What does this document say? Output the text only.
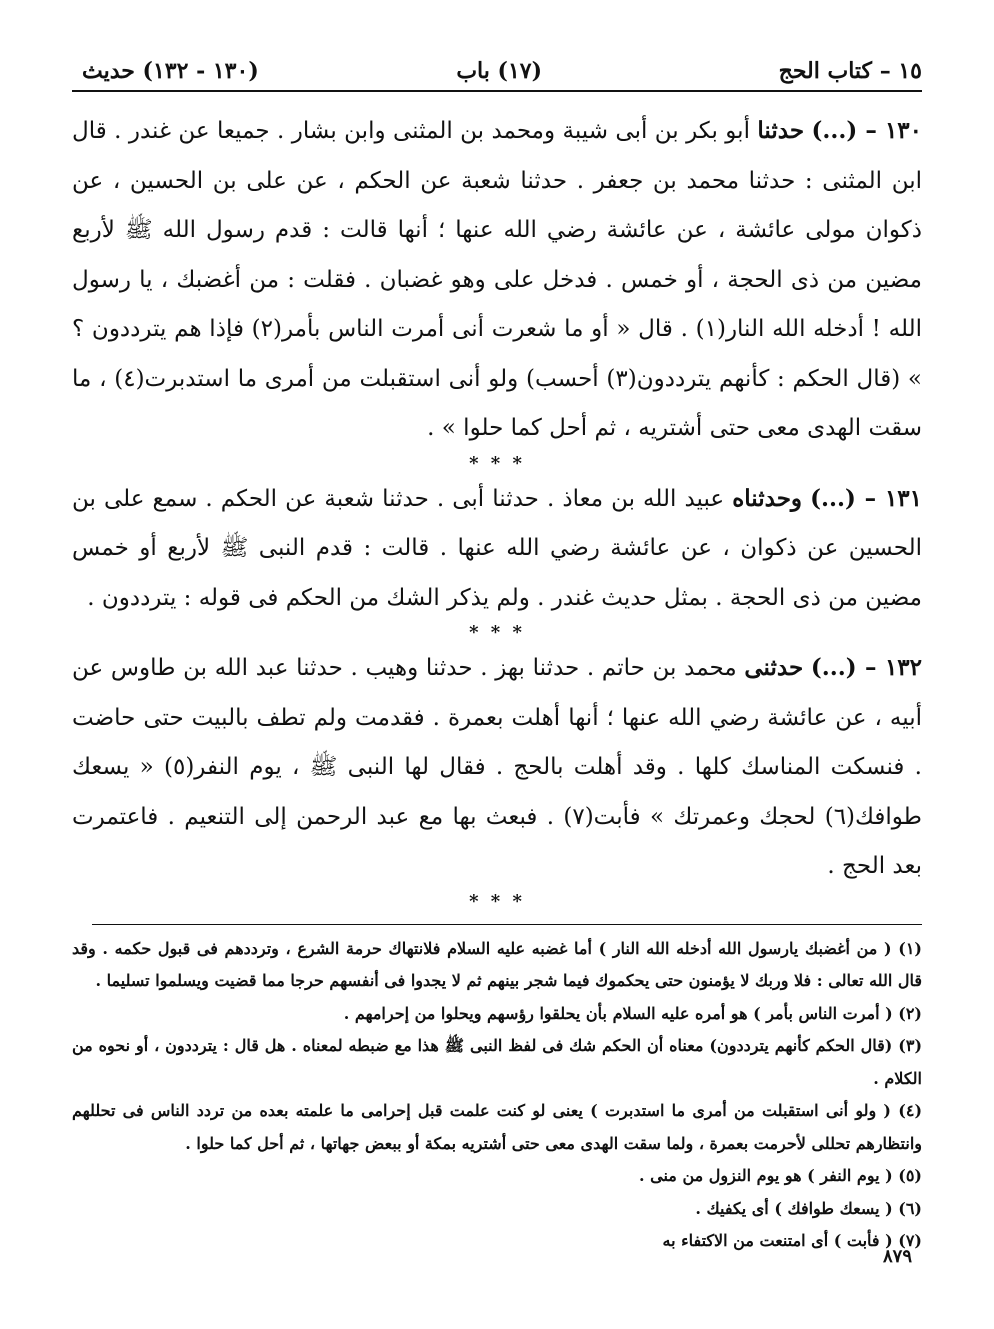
١٥ – كتاب الحج
(١٧) باب
(١٣٠ - ١٣٢) حديث

١٣٠ – (...) حدثنا أبو بكر بن أبى شيبة ومحمد بن المثنى وابن بشار . جميعا عن غندر . قال ابن المثنى : حدثنا محمد بن جعفر . حدثنا شعبة عن الحكم ، عن على بن الحسين ، عن ذكوان مولى عائشة ، عن عائشة رضي الله عنها ؛ أنها قالت : قدم رسول الله ﷺ لأربع مضين من ذى الحجة ، أو خمس . فدخل على وهو غضبان . فقلت : من أغضبك ، يا رسول الله ! أدخله الله النار(١) . قال « أو ما شعرت أنى أمرت الناس بأمر(٢) فإذا هم يترددون ؟ » (قال الحكم : كأنهم يترددون(٣) أحسب) ولو أنى استقبلت من أمرى ما استدبرت(٤) ، ما سقت الهدى معى حتى أشتريه ، ثم أحل كما حلوا » .

* * *

١٣١ – (...) وحدثناه عبيد الله بن معاذ . حدثنا أبى . حدثنا شعبة عن الحكم . سمع على بن الحسين عن ذكوان ، عن عائشة رضي الله عنها . قالت : قدم النبى ﷺ لأربع أو خمس مضين من ذى الحجة . بمثل حديث غندر . ولم يذكر الشك من الحكم فى قوله : يترددون .

* * *

١٣٢ – (...) حدثنى محمد بن حاتم . حدثنا بهز . حدثنا وهيب . حدثنا عبد الله بن طاوس عن أبيه ، عن عائشة رضي الله عنها ؛ أنها أهلت بعمرة . فقدمت ولم تطف بالبيت حتى حاضت . فنسكت المناسك كلها . وقد أهلت بالحج . فقال لها النبى ﷺ ، يوم النفر(٥) « يسعك طوافك(٦) لحجك وعمرتك » فأبت(٧) . فبعث بها مع عبد الرحمن إلى التنعيم . فاعتمرت بعد الحج .

* * *

(١) ( من أغضبك يارسول الله أدخله الله النار ) أما غضبه عليه السلام فلانتهاك حرمة الشرع ، وترددهم فى قبول حكمه . وقد قال الله تعالى : فلا وربك لا يؤمنون حتى يحكموك فيما شجر بينهم ثم لا يجدوا فى أنفسهم حرجا مما قضيت ويسلموا تسليما .

(٢) ( أمرت الناس بأمر ) هو أمره عليه السلام بأن يحلقوا رؤسهم ويحلوا من إحرامهم .

(٣) (قال الحكم كأنهم يترددون) معناه أن الحكم شك فى لفظ النبى ﷺ هذا مع ضبطه لمعناه . هل قال : يترددون ، أو نحوه من الكلام .

(٤) ( ولو أنى استقبلت من أمرى ما استدبرت ) يعنى لو كنت علمت قبل إحرامى ما علمته بعده من تردد الناس فى تحللهم وانتظارهم تحللى لأحرمت بعمرة ، ولما سقت الهدى معى حتى أشتريه بمكة أو ببعض جهاتها ، ثم أحل كما حلوا .

(٥) ( يوم النفر ) هو يوم النزول من منى .

(٦) ( يسعك طوافك ) أى يكفيك .

(٧) ( فأبت ) أى امتنعت من الاكتفاء به

٨٧٩
